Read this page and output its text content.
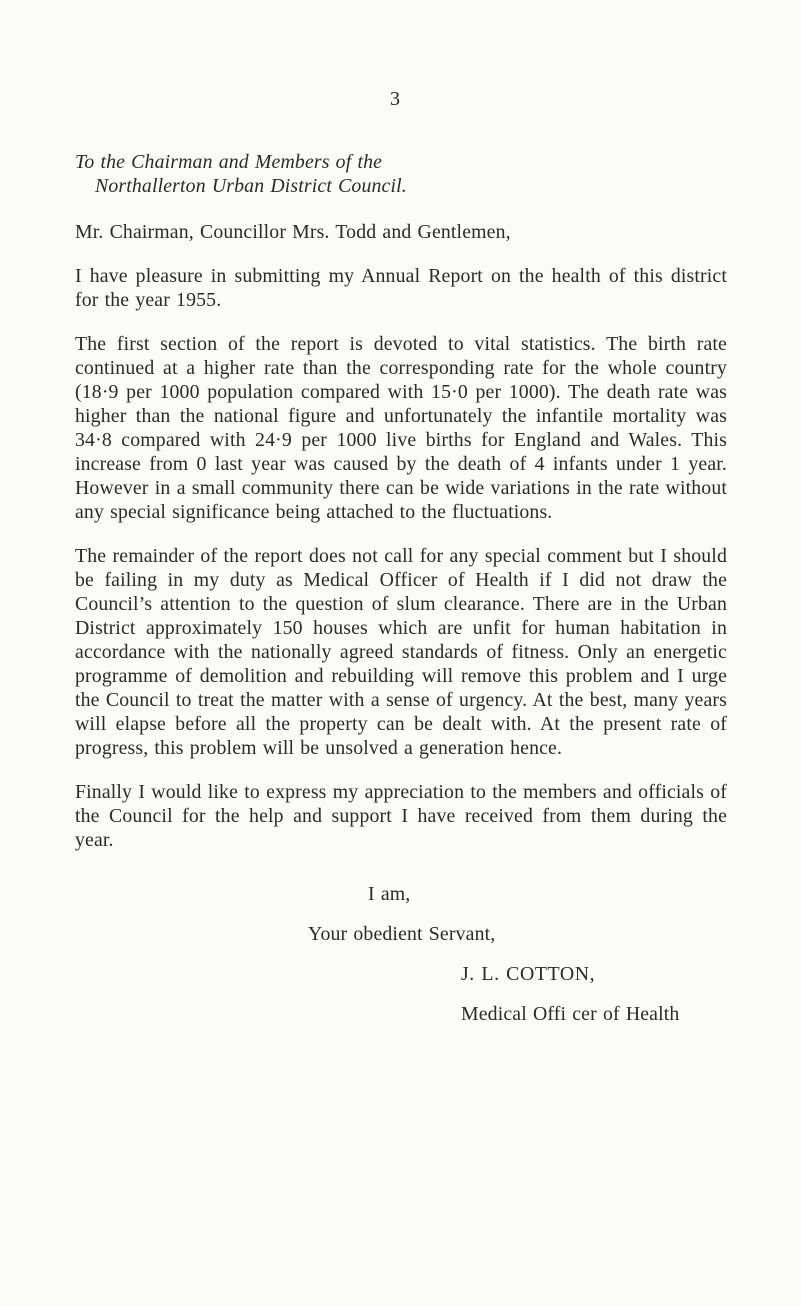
3

To the Chairman and Members of the
Northallerton Urban District Council.

Mr. Chairman, Councillor Mrs. Todd and Gentlemen,

I have pleasure in submitting my Annual Report on the health of this district for the year 1955.

The first section of the report is devoted to vital statistics. The birth rate continued at a higher rate than the corresponding rate for the whole country (18·9 per 1000 population compared with 15·0 per 1000). The death rate was higher than the national figure and unfortunately the infantile mortality was 34·8 compared with 24·9 per 1000 live births for England and Wales. This increase from 0 last year was caused by the death of 4 infants under 1 year. However in a small community there can be wide variations in the rate without any special significance being attached to the fluctuations.

The remainder of the report does not call for any special comment but I should be failing in my duty as Medical Officer of Health if I did not draw the Council’s attention to the question of slum clearance. There are in the Urban District approximately 150 houses which are unfit for human habitation in accordance with the nationally agreed standards of fitness. Only an energetic programme of demolition and rebuilding will remove this problem and I urge the Council to treat the matter with a sense of urgency. At the best, many years will elapse before all the property can be dealt with. At the present rate of progress, this problem will be unsolved a generation hence.

Finally I would like to express my appreciation to the members and officials of the Council for the help and support I have received from them during the year.

I am,
Your obedient Servant,
J. L. COTTON,
Medical Offi cer of Health
